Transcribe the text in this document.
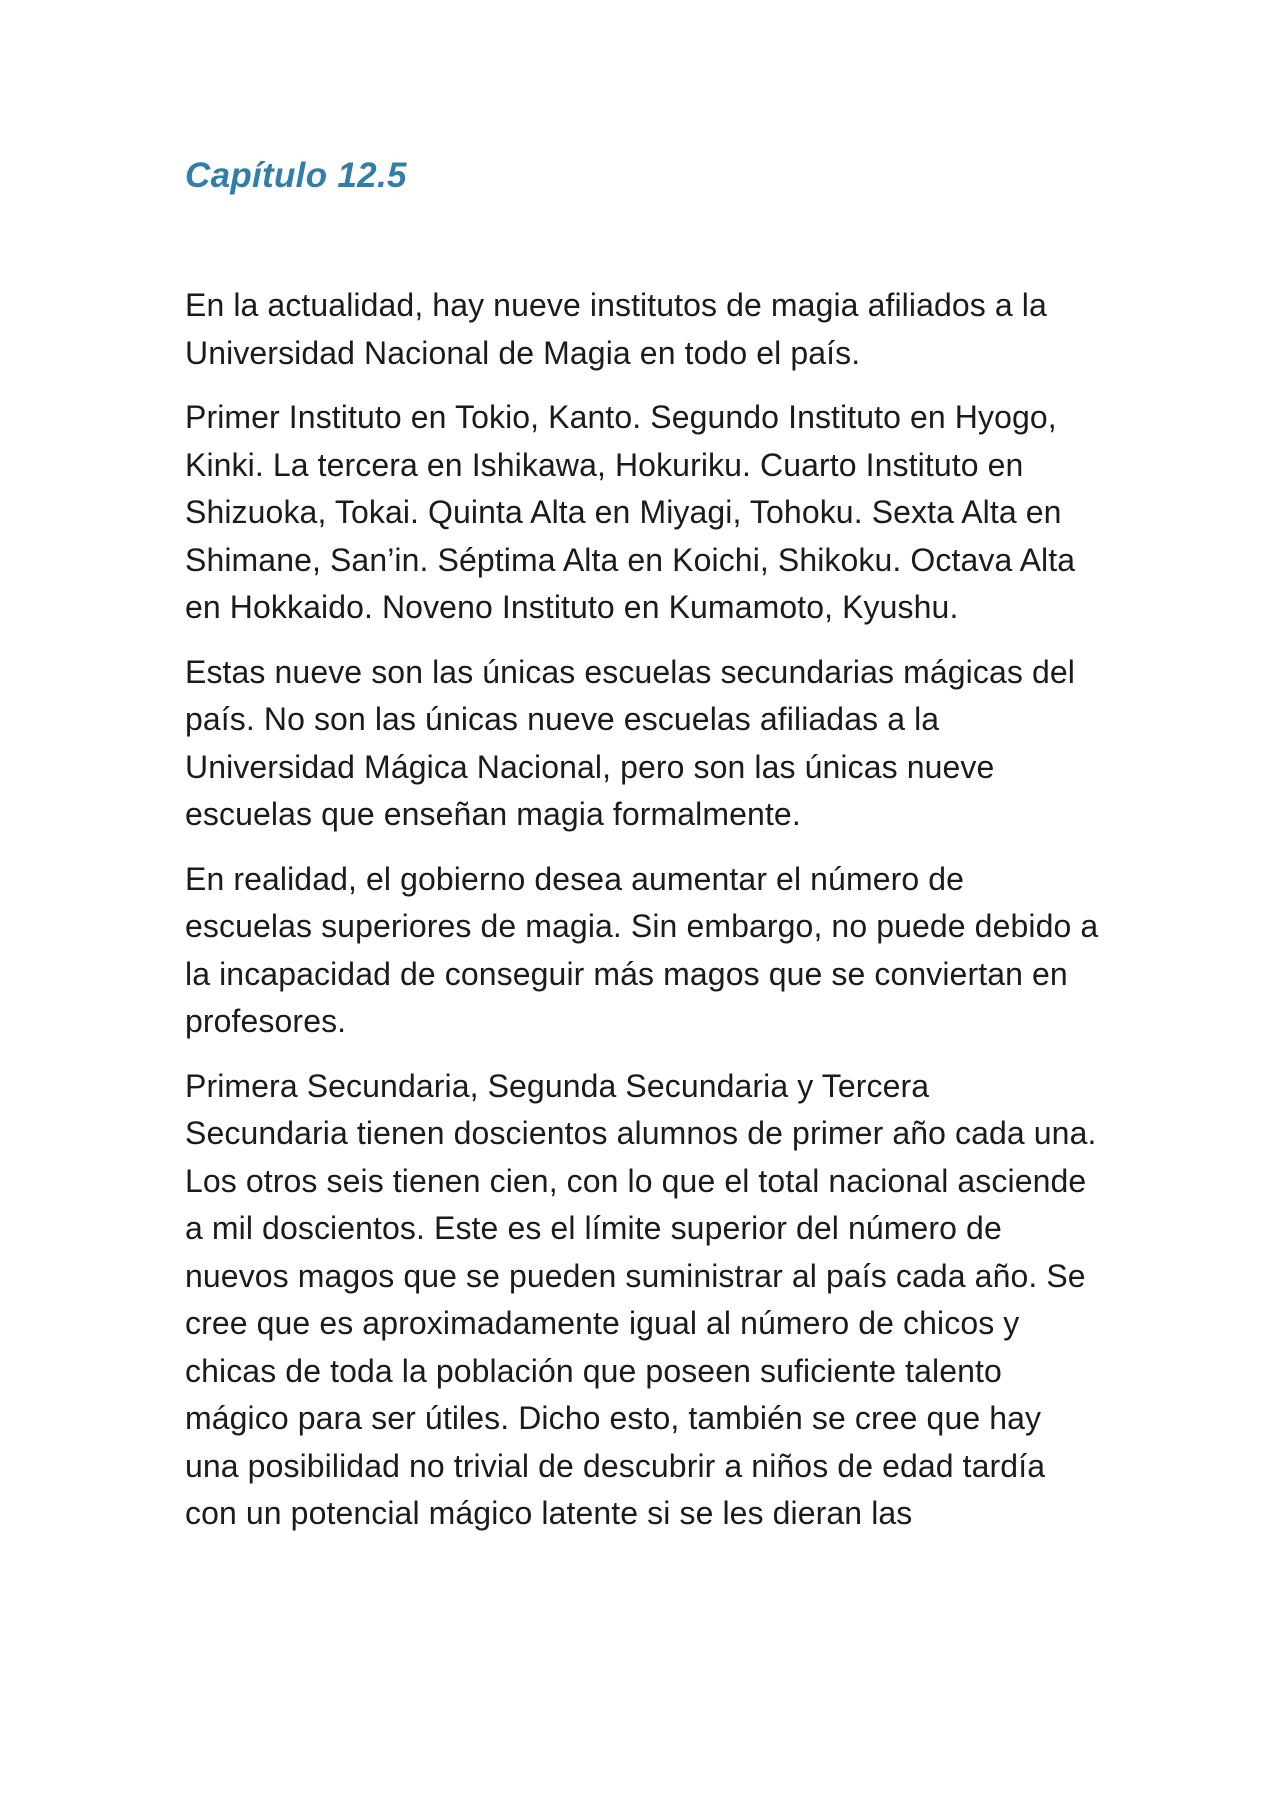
Capítulo 12.5

En la actualidad, hay nueve institutos de magia afiliados a la Universidad Nacional de Magia en todo el país.

Primer Instituto en Tokio, Kanto. Segundo Instituto en Hyogo, Kinki. La tercera en Ishikawa, Hokuriku. Cuarto Instituto en Shizuoka, Tokai. Quinta Alta en Miyagi, Tohoku. Sexta Alta en Shimane, San’in. Séptima Alta en Koichi, Shikoku. Octava Alta en Hokkaido. Noveno Instituto en Kumamoto, Kyushu.

Estas nueve son las únicas escuelas secundarias mágicas del país. No son las únicas nueve escuelas afiliadas a la Universidad Mágica Nacional, pero son las únicas nueve escuelas que enseñan magia formalmente.

En realidad, el gobierno desea aumentar el número de escuelas superiores de magia. Sin embargo, no puede debido a la incapacidad de conseguir más magos que se conviertan en profesores.

Primera Secundaria, Segunda Secundaria y Tercera Secundaria tienen doscientos alumnos de primer año cada una. Los otros seis tienen cien, con lo que el total nacional asciende a mil doscientos. Este es el límite superior del número de nuevos magos que se pueden suministrar al país cada año. Se cree que es aproximadamente igual al número de chicos y chicas de toda la población que poseen suficiente talento mágico para ser útiles. Dicho esto, también se cree que hay una posibilidad no trivial de descubrir a niños de edad tardía con un potencial mágico latente si se les dieran las
